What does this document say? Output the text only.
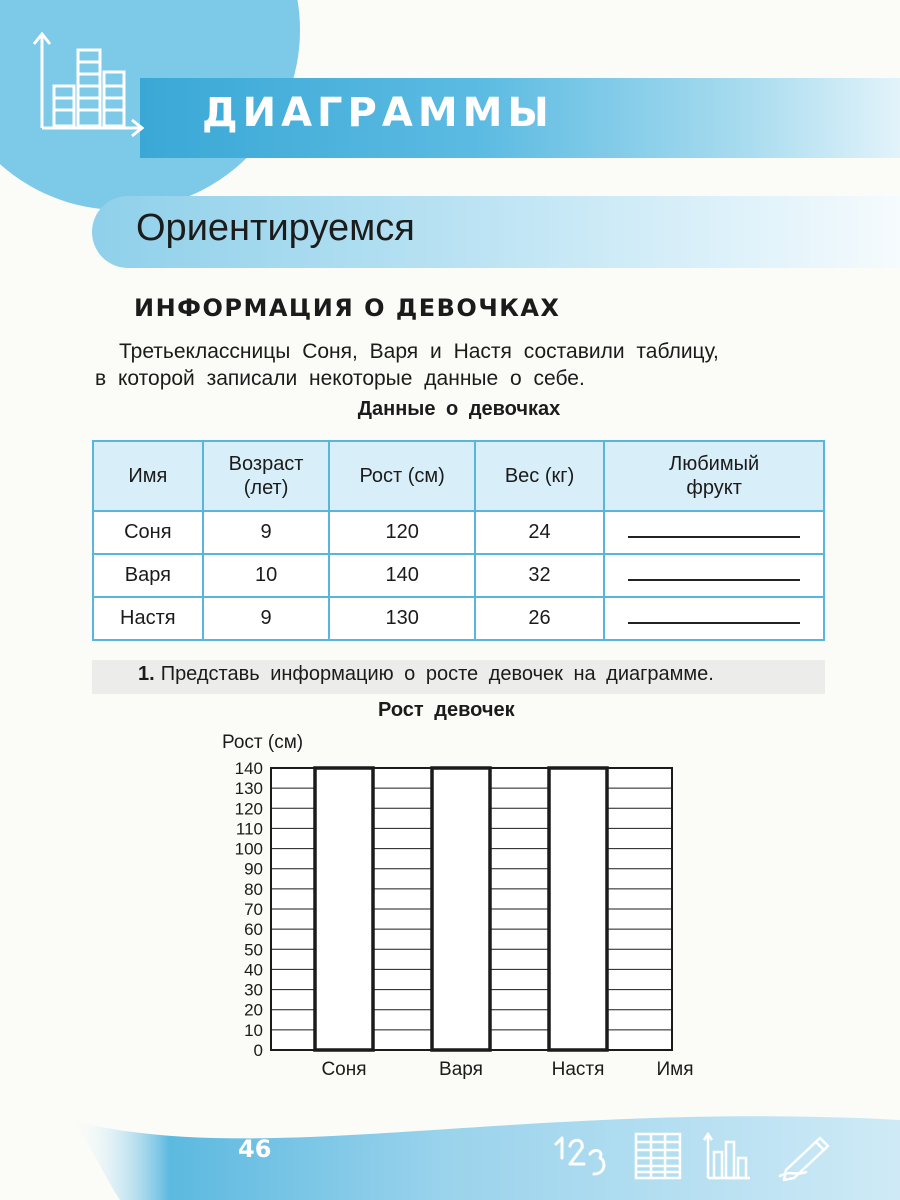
ДИАГРАММЫ
Ориентируемся
ИНФОРМАЦИЯ О ДЕВОЧКАХ
Третьеклассницы Соня, Варя и Настя составили таблицу,
в которой записали некоторые данные о себе.
Данные о девочках
Имя	Возраст (лет)	Рост (см)	Вес (кг)	Любимый фрукт
Соня	9	120	24	
Варя	10	140	32	
Настя	9	130	26	
1. Представь информацию о росте девочек на диаграмме.
Рост девочек
0
10
20
30
40
50
60
70
80
90
100
110
120
130
140
Рост (см)
Соня	Варя	Настя	Имя
46
